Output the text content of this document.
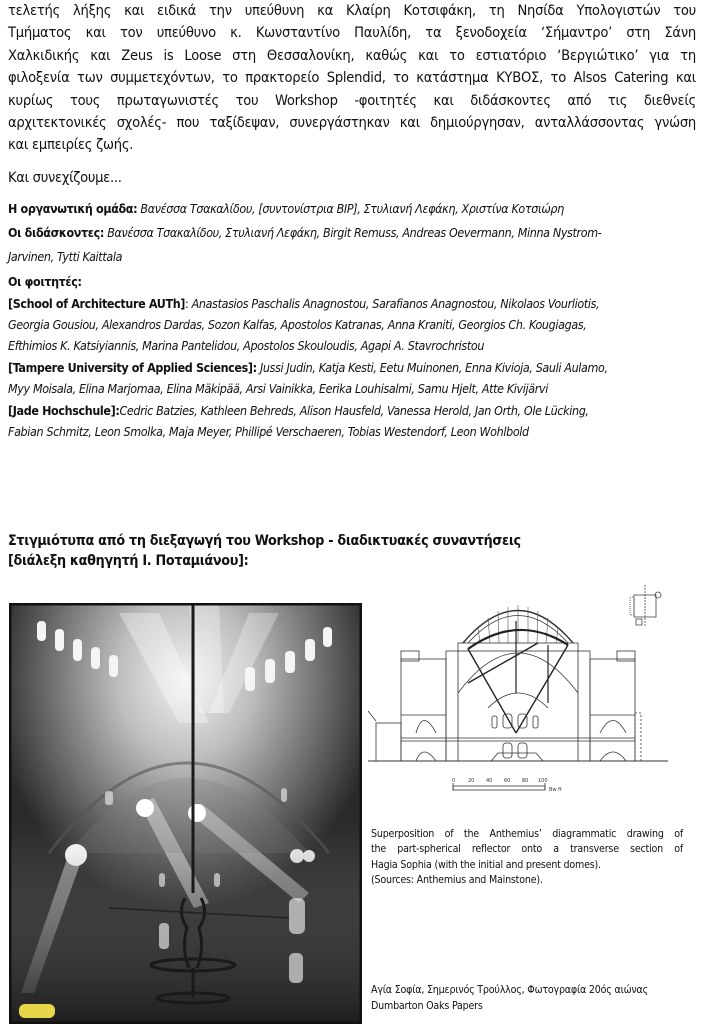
τελετής λήξης και ειδικά την υπεύθυνη κα Κλαίρη Κοτσιφάκη, τη Νησίδα Υπολογιστών του
Τμήματος και τον υπεύθυνο κ. Κωνσταντίνο Παυλίδη, τα ξενοδοχεία ‘Σήμαντρο’ στη Σάνη
Χαλκιδικής και Zeus is Loose στη Θεσσαλονίκη, καθώς και το εστιατόριο ‘Βεργιώτικο’ για τη
φιλοξενία των συμμετεχόντων, το πρακτορείο Splendid, το κατάστημα ΚΥΒΟΣ, το Alsos Catering και
κυρίως τους πρωταγωνιστές του Workshop -φοιτητές και διδάσκοντες από τις διεθνείς
αρχιτεκτονικές σχολές- που ταξίδεψαν, συνεργάστηκαν και δημιούργησαν, ανταλλάσσοντας γνώση
και εμπειρίες ζωής.
Και συνεχίζουμε...
Η οργανωτική ομάδα: Βανέσσα Τσακαλίδου, [συντονίστρια BIP], Στυλιανή Λεφάκη, Χριστίνα Κοτσιώρη
Οι διδάσκοντες: Βανέσσα Τσακαλίδου, Στυλιανή Λεφάκη, Birgit Remuss, Andreas Oevermann, Minna Nystrom-
Jarvinen, Tytti Kaittala
Οι φοιτητές:
[School of Architecture AUTh]: Anastasios Paschalis Anagnostou, Sarafianos Anagnostou, Nikolaos Vourliotis,
Georgia Gousiou, Alexandros Dardas, Sozon Kalfas, Apostolos Katranas, Anna Kraniti, Georgios Ch. Kougiagas,
Efthimios K. Katsiyiannis, Marina Pantelidou, Apostolos Skouloudis, Agapi A. Stavrochristou
[Tampere University of Applied Sciences]: Jussi Judin, Katja Kesti, Eetu Muinonen, Enna Kivioja, Sauli Aulamo,
Myy Moisala, Elina Marjomaa, Elina Mäkipää, Arsi Vainikka, Eerika Louhisalmi, Samu Hjelt, Atte Kivijärvi
[Jade Hochschule]:Cedric Batzies, Kathleen Behreds, Alison Hausfeld, Vanessa Herold, Jan Orth, Ole Lücking,
Fabian Schmitz, Leon Smolka, Maja Meyer, Phillipé Verschaeren, Tobias Westendorf, Leon Wohlbold
Στιγμιότυπα από τη διεξαγωγή του Workshop - διαδικτυακές συναντήσεις
[διάλεξη καθηγητή Ι. Ποταμιάνου]:
0	20 40 60 80 100
Bw ft
Superposition of the Anthemius’ diagrammatic drawing of
the part-spherical reflector onto a transverse section of
Hagia Sophia (with the initial and present domes).
(Sources: Anthemius and Mainstone).
Αγία Σοφία, Σημερινός Τρούλλος, Φωτογραφία 20ός αιώνας
Dumbarton Oaks Papers
